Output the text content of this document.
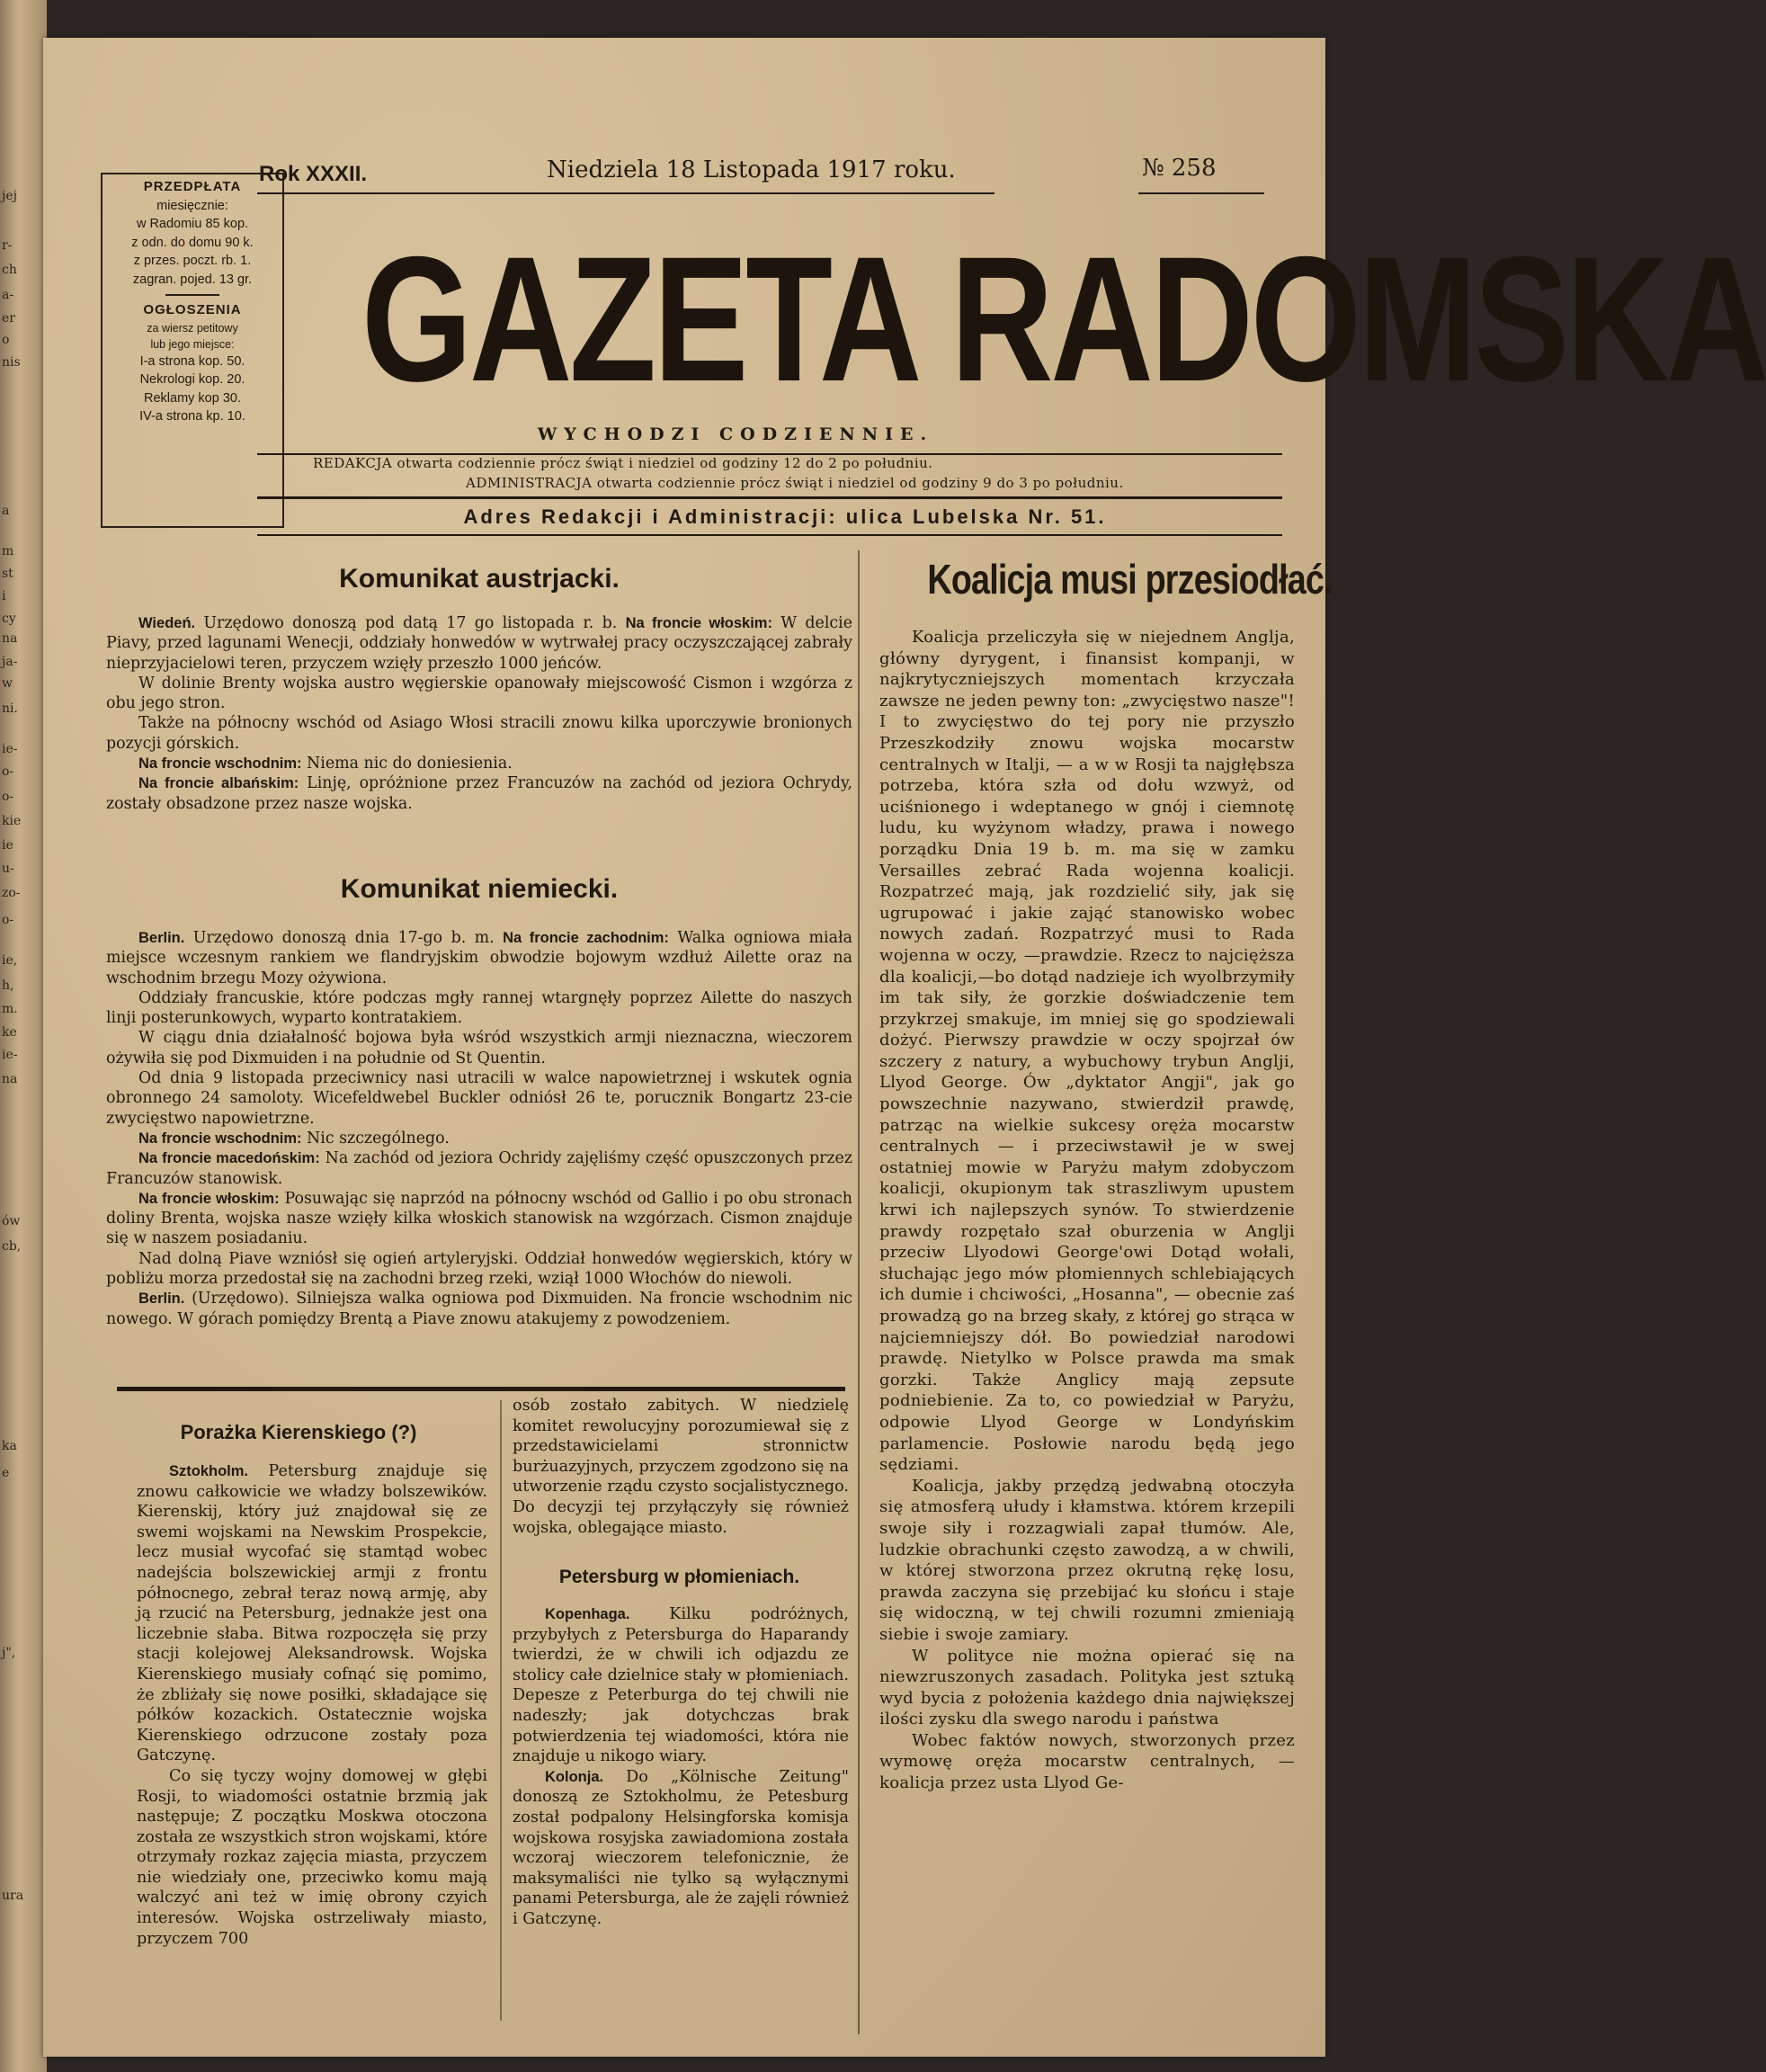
jej
r-
ch
a-
er
o
nis
a
m
st
i
cy
na
ja-
w
ni.
ie-
o-
o-
kie
ie
u-
zo-
o-
ie,
h,
m.
ke
ie-
na
ów
cb,
ka
e
j",
ura
PRZEDPŁATA
miesięcznie:
w Radomiu 85 kop.
z odn. do domu 90 k.
z przes. poczt. rb. 1.
zagran. pojed. 13 gr.
OGŁOSZENIA
za wiersz petitowy
lub jego miejsce:
I-a strona kop. 50.
Nekrologi kop. 20.
Reklamy kop 30.
IV-a strona kp. 10.
Rok XXXII.	Niedziela 18 Listopada 1917 roku.	№ 258
GAZETA RADOMSKA
WYCHODZI CODZIENNIE.
REDAKCJA otwarta codziennie prócz świąt i niedziel od godziny 12 do 2 po południu.
ADMINISTRACJA otwarta codziennie prócz świąt i niedziel od godziny 9 do 3 po południu.
Adres Redakcji i Administracji: ulica Lubelska Nr. 51.
Komunikat austrjacki.

Wiedeń. Urzędowo donoszą pod datą 17 go listopada r. b. Na froncie włoskim: W delcie Piavy, przed lagunami Wenecji, oddziały honwedów w wytrwałej pracy oczyszczającej zabrały nieprzyjacielowi teren, przyczem wzięły przeszło 1000 jeńców.

W dolinie Brenty wojska austro węgierskie opanowały miejscowość Cismon i wzgórza z obu jego stron.

Także na północny wschód od Asiago Włosi stracili znowu kilka uporczywie bronionych pozycji górskich.

Na froncie wschodnim: Niema nic do doniesienia.

Na froncie albańskim: Linję, opróżnione przez Francuzów na zachód od jeziora Ochrydy, zostały obsadzone przez nasze wojska.

Komunikat niemiecki.

Berlin. Urzędowo donoszą dnia 17-go b. m. Na froncie zachodnim: Walka ogniowa miała miejsce wczesnym rankiem we flandryjskim obwodzie bojowym wzdłuż Ailette oraz na wschodnim brzegu Mozy ożywiona.

Oddziały francuskie, które podczas mgły rannej wtargnęły poprzez Ailette do naszych linji posterunkowych, wyparto kontratakiem.

W ciągu dnia działalność bojowa była wśród wszystkich armji nieznaczna, wieczorem ożywiła się pod Dixmuiden i na południe od St Quentin.

Od dnia 9 listopada przeciwnicy nasi utracili w walce napowietrznej i wskutek ognia obronnego 24 samoloty. Wicefeldwebel Buckler odniósł 26 te, porucznik Bongartz 23-cie zwycięstwo napowietrzne.

Na froncie wschodnim: Nic szczególnego.

Na froncie macedońskim: Na zachód od jeziora Ochridy zajęliśmy część opuszczonych przez Francuzów stanowisk.

Na froncie włoskim: Posuwając się naprzód na północny wschód od Gallio i po obu stronach doliny Brenta, wojska nasze wzięły kilka włoskich stanowisk na wzgórzach. Cismon znajduje się w naszem posiadaniu.

Nad dolną Piave wzniósł się ogień artyleryjski. Oddział honwedów węgierskich, który w pobliżu morza przedostał się na zachodni brzeg rzeki, wziął 1000 Włochów do niewoli.

Berlin. (Urzędowo). Silniejsza walka ogniowa pod Dixmuiden. Na froncie wschodnim nic nowego. W górach pomiędzy Brentą a Piave znowu atakujemy z powodzeniem.

Porażka Kierenskiego (?)

Sztokholm. Petersburg znajduje się znowu całkowicie we władzy bolszewików. Kierenskij, który już znajdował się ze swemi wojskami na Newskim Prospekcie, lecz musiał wycofać się stamtąd wobec nadejścia bolszewickiej armji z frontu północnego, zebrał teraz nową armję, aby ją rzucić na Petersburg, jednakże jest ona liczebnie słaba. Bitwa rozpoczęła się przy stacji kolejowej Aleksandrowsk. Wojska Kierenskiego musiały cofnąć się pomimo, że zbliżały się nowe posiłki, składające się półków kozackich. Ostatecznie wojska Kierenskiego odrzucone zostały poza Gatczynę.

Co się tyczy wojny domowej w głębi Rosji, to wiadomości ostatnie brzmią jak następuje; Z początku Moskwa otoczona została ze wszystkich stron wojskami, które otrzymały rozkaz zajęcia miasta, przyczem nie wiedziały one, przeciwko komu mają walczyć ani też w imię obrony czyich interesów. Wojska ostrzeliwały miasto, przyczem 700

osób zostało zabitych. W niedzielę komitet rewolucyjny porozumiewał się z przedstawicielami stronnictw burżuazyjnych, przyczem zgodzono się na utworzenie rządu czysto socjalistycznego. Do decyzji tej przyłączyły się również wojska, oblegające miasto.

Petersburg w płomieniach.

Kopenhaga. Kilku podróżnych, przybyłych z Petersburga do Haparandy twierdzi, że w chwili ich odjazdu ze stolicy całe dzielnice stały w płomieniach. Depesze z Peterburga do tej chwili nie nadeszły; jak dotychczas brak potwierdzenia tej wiadomości, która nie znajduje u nikogo wiary.

Kolonja. Do „Kölnische Zeitung" donoszą ze Sztokholmu, że Petesburg został podpalony Helsingforska komisja wojskowa rosyjska zawiadomiona została wczoraj wieczorem telefonicznie, że maksymaliści nie tylko są wyłącznymi panami Petersburga, ale że zajęli również i Gatczynę.

Koalicja musi przesiodłać.

Koalicja przeliczyła się w niejednem Anglja, główny dyrygent, i finansist kompanji, w najkrytyczniejszych momentach krzyczała zawsze ne jeden pewny ton: „zwycięstwo nasze"! I to zwycięstwo do tej pory nie przyszło Przeszkodziły znowu wojska mocarstw centralnych w Italji, — a w w Rosji ta najgłębsza potrzeba, która szła od dołu wzwyż, od uciśnionego i wdeptanego w gnój i ciemnotę ludu, ku wyżynom władzy, prawa i nowego porządku Dnia 19 b. m. ma się w zamku Versailles zebrać Rada wojenna koalicji. Rozpatrzeć mają, jak rozdzielić siły, jak się ugrupować i jakie zająć stanowisko wobec nowych zadań. Rozpatrzyć musi to Rada wojenna w oczy, —prawdzie. Rzecz to najcięższa dla koalicji,—bo dotąd nadzieje ich wyolbrzymiły im tak siły, że gorzkie doświadczenie tem przykrzej smakuje, im mniej się go spodziewali dożyć. Pierwszy prawdzie w oczy spojrzał ów szczery z natury, a wybuchowy trybun Anglji, Llyod George. Ów „dyktator Angji", jak go powszechnie nazywano, stwierdził prawdę, patrząc na wielkie sukcesy oręża mocarstw centralnych — i przeciwstawił je w swej ostatniej mowie w Paryżu małym zdobyczom koalicji, okupionym tak straszliwym upustem krwi ich najlepszych synów. To stwierdzenie prawdy rozpętało szał oburzenia w Anglji przeciw Llyodowi George'owi Dotąd wołali, słuchając jego mów płomiennych schlebiających ich dumie i chciwości, „Hosanna", — obecnie zaś prowadzą go na brzeg skały, z której go strąca w najciemniejszy dół. Bo powiedział narodowi prawdę. Nietylko w Polsce prawda ma smak gorzki. Także Anglicy mają zepsute podniebienie. Za to, co powiedział w Paryżu, odpowie Llyod George w Londyńskim parlamencie. Posłowie narodu będą jego sędziami.

Koalicja, jakby przędzą jedwabną otoczyła się atmosferą ułudy i kłamstwa. którem krzepili swoje siły i rozzagwiali zapał tłumów. Ale, ludzkie obrachunki często zawodzą, a w chwili, w której stworzona przez okrutną rękę losu, prawda zaczyna się przebijać ku słońcu i staje się widoczną, w tej chwili rozumni zmieniają siebie i swoje zamiary.

W polityce nie można opierać się na niewzruszonych zasadach. Polityka jest sztuką wyd bycia z położenia każdego dnia największej ilości zysku dla swego narodu i państwa

Wobec faktów nowych, stworzonych przez wymowę oręża mocarstw centralnych, — koalicja przez usta Llyod Ge-
